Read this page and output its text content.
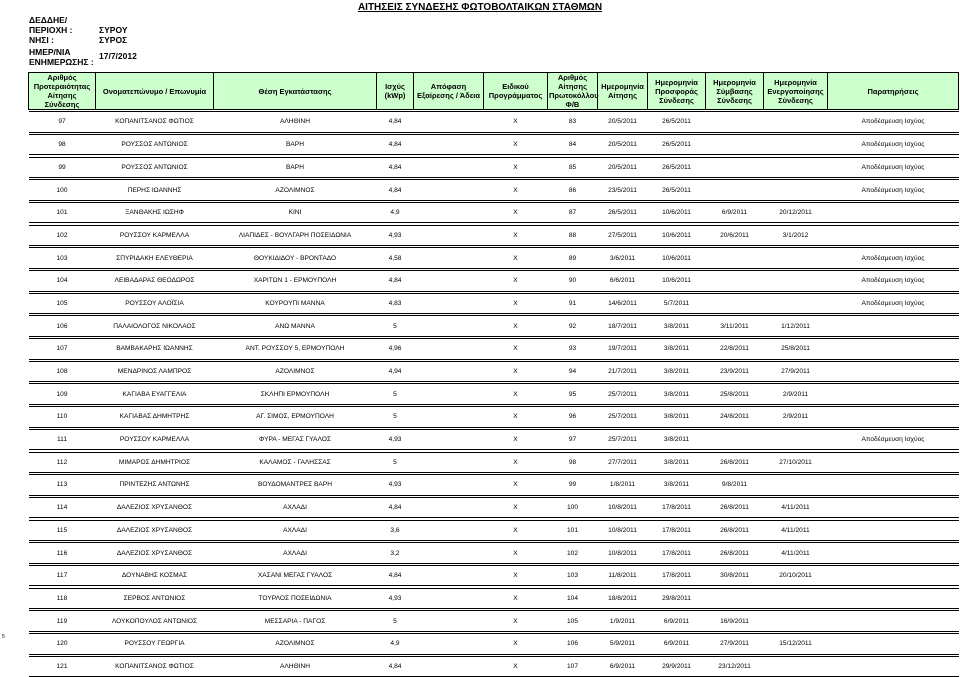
ΑΙΤΗΣΕΙΣ ΣΥΝΔΕΣΗΣ ΦΩΤΟΒΟΛΤΑΙΚΩΝ ΣΤΑΘΜΩΝ
ΔΕΔΔΗΕ/
ΠΕΡΙΟΧΗ :	ΣΥΡΟΥ
ΝΗΣΙ :	ΣΥΡΟΣ
ΗΜΕΡ/ΝΙΑ
ΕΝΗΜΕΡΩΣΗΣ :
17/7/2012
Αριθμός Προτεραιότητας Αίτησης Σύνδεσης	Ονοματεπώνυμο / Επωνυμία	Θέση Εγκατάστασης	Ισχύς (kWp)	Απόφαση Εξαίρεσης / Άδεια	Ειδικού Προγράμματος	Αριθμός Αίτησης Πρωτοκόλλου Φ/Β	Ημερομηνία Αίτησης	Ημερομηνία Προσφοράς Σύνδεσης	Ημερομηνία Σύμβασης Σύνδεσης	Ημερομηνία Ενεργοποίησης Σύνδεσης	Παρατηρήσεις

97	ΚΟΠΑΝΙΤΣΑΝΟΣ ΦΩΤΙΟΣ	ΑΛΗΘΙΝΗ	4,84		Χ	83	20/5/2011	26/5/2011			Αποδέσμευση Ισχύος

98	ΡΟΥΣΣΟΣ ΑΝΤΩΝΙΟΣ	ΒΑΡΗ	4,84		Χ	84	20/5/2011	26/5/2011			Αποδέσμευση Ισχύος

99	ΡΟΥΣΣΟΣ ΑΝΤΩΝΙΟΣ	ΒΑΡΗ	4,84		Χ	85	20/5/2011	26/5/2011			Αποδέσμευση Ισχύος

100	ΠΕΡΗΣ ΙΩΑΝΝΗΣ	ΑΖΟΛΙΜΝΟΣ	4,84		Χ	86	23/5/2011	26/5/2011			Αποδέσμευση Ισχύος

101	ΞΑΝΘΑΚΗΣ ΙΩΣΗΦ	ΚΙΝΙ	4,9		Χ	87	26/5/2011	10/6/2011	6/9/2011	20/12/2011	

102	ΡΟΥΣΣΟΥ ΚΑΡΜΕΛΛΑ	ΛΙΑΠΙΔΕΣ - ΒΟΥΛΓΑΡΗ ΠΟΣΕΙΔΩΝΙΑ	4,93		Χ	88	27/5/2011	10/6/2011	20/6/2011	3/1/2012	

103	ΣΠΥΡΙΔΑΚΗ ΕΛΕΥΘΕΡΙΑ	ΘΟΥΚΙΔΙΔΟΥ - ΒΡΟΝΤΑΔΟ	4,58		Χ	89	3/6/2011	10/6/2011			Αποδέσμευση Ισχύος

104	ΛΕΙΒΑΔΑΡΑΣ ΘΕΟΔΩΡΟΣ	ΧΑΡΙΤΩΝ 1 - ΕΡΜΟΥΠΟΛΗ	4,84		Χ	90	6/6/2011	10/6/2011			Αποδέσμευση Ισχύος

105	ΡΟΥΣΣΟΥ ΑΛΟΪΣΙΑ	ΚΟΥΡΟΥΠΙ ΜΑΝΝΑ	4,83		Χ	91	14/6/2011	5/7/2011			Αποδέσμευση Ισχύος

106	ΠΑΛΑΙΟΛΟΓΟΣ ΝΙΚΟΛΑΟΣ	ΑΝΩ ΜΑΝΝΑ	5		Χ	92	18/7/2011	3/8/2011	3/11/2011	1/12/2011	

107	ΒΑΜΒΑΚΑΡΗΣ ΙΩΑΝΝΗΣ	ΑΝΤ. ΡΟΥΣΣΟΥ 5, ΕΡΜΟΥΠΟΛΗ	4,96		Χ	93	19/7/2011	3/8/2011	22/8/2011	25/8/2011	

108	ΜΕΝΔΡΙΝΟΣ ΛΑΜΠΡΟΣ	ΑΖΟΛΙΜΝΟΣ	4,94		Χ	94	21/7/2011	3/8/2011	23/9/2011	27/9/2011	

109	ΚΑΓΙΑΒΑ ΕΥΑΓΓΕΛΙΑ	ΣΚΛΗΠΙ ΕΡΜΟΥΠΟΛΗ	5		Χ	95	25/7/2011	3/8/2011	25/8/2011	2/9/2011	

110	ΚΑΓΙΑΒΑΣ ΔΗΜΗΤΡΗΣ	ΑΓ. ΣΙΜΟΣ, ΕΡΜΟΥΠΟΛΗ	5		Χ	96	25/7/2011	3/8/2011	24/8/2011	2/9/2011	

111	ΡΟΥΣΣΟΥ ΚΑΡΜΕΛΛΑ	ΦΥΡΑ - ΜΕΓΑΣ ΓΥΑΛΟΣ	4,93		Χ	97	25/7/2011	3/8/2011			Αποδέσμευση Ισχύος

112	ΜΙΜΑΡΟΣ ΔΗΜΗΤΡΙΟΣ	ΚΑΛΑΜΟΣ - ΓΑΛΗΣΣΑΣ	5		Χ	98	27/7/2011	3/8/2011	26/8/2011	27/10/2011	

113	ΠΡΙΝΤΕΖΗΣ ΑΝΤΩΝΗΣ	ΒΟΥΔΟΜΑΝΤΡΕΣ ΒΑΡΗ	4,93		Χ	99	1/8/2011	3/8/2011	9/8/2011		

114	ΔΑΛΕΖΙΟΣ ΧΡΥΣΑΝΘΟΣ	ΑΧΛΑΔΙ	4,84		Χ	100	10/8/2011	17/8/2011	26/8/2011	4/11/2011	

115	ΔΑΛΕΖΙΟΣ ΧΡΥΣΑΝΘΟΣ	ΑΧΛΑΔΙ	3,6		Χ	101	10/8/2011	17/8/2011	26/8/2011	4/11/2011	

116	ΔΑΛΕΖΙΟΣ ΧΡΥΣΑΝΘΟΣ	ΑΧΛΑΔΙ	3,2		Χ	102	10/8/2011	17/8/2011	26/8/2011	4/11/2011	

117	ΔΟΥΝΑΒΗΣ ΚΟΣΜΑΣ	ΧΑΣΑΝΙ ΜΕΓΑΣ ΓΥΑΛΟΣ	4,84		Χ	103	11/8/2011	17/8/2011	30/8/2011	20/10/2011	

118	ΣΕΡΒΟΣ ΑΝΤΩΝΙΟΣ	ΤΟΥΡΛΟΣ ΠΟΣΕΙΔΩΝΙΑ	4,93		Χ	104	18/8/2011	29/8/2011			

119	ΛΟΥΚΟΠΟΥΛΟΣ ΑΝΤΩΝΙΟΣ	ΜΕΣΣΑΡΙΑ - ΠΑΓΟΣ	5		Χ	105	1/9/2011	6/9/2011	16/9/2011		

120	ΡΟΥΣΣΟΥ ΓΕΩΡΓΙΑ	ΑΖΟΛΙΜΝΟΣ	4,9		Χ	106	5/9/2011	6/9/2011	27/9/2011	15/12/2011	

121	ΚΟΠΑΝΙΤΣΑΝΟΣ ΦΩΤΙΟΣ	ΑΛΗΘΙΝΗ	4,84		Χ	107	6/9/2011	29/9/2011	23/12/2011		
5
